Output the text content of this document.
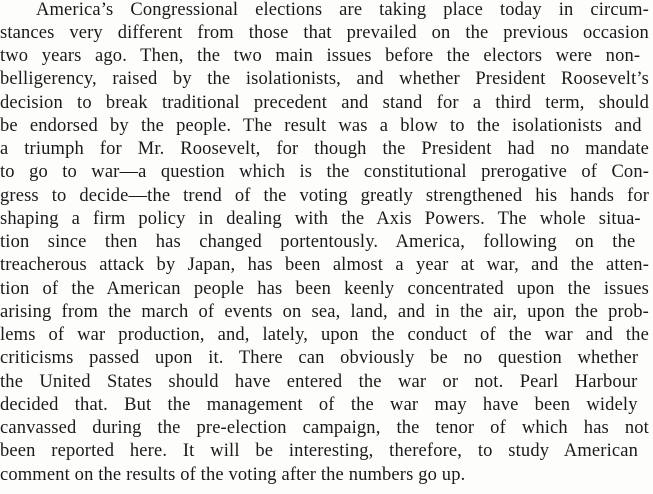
America’s Congressional elections are taking place today in circum-
stances very different from those that prevailed on the previous occasion
two years ago. Then, the two main issues before the electors were non-
belligerency, raised by the isolationists, and whether President Roosevelt’s
decision to break traditional precedent and stand for a third term, should
be endorsed by the people. The result was a blow to the isolationists and
a triumph for Mr. Roosevelt, for though the President had no mandate
to go to war—a question which is the constitutional prerogative of Con-
gress to decide—the trend of the voting greatly strengthened his hands for
shaping a firm policy in dealing with the Axis Powers. The whole situa-
tion since then has changed portentously. America, following on the
treacherous attack by Japan, has been almost a year at war, and the atten-
tion of the American people has been keenly concentrated upon the issues
arising from the march of events on sea, land, and in the air, upon the prob-
lems of war production, and, lately, upon the conduct of the war and the
criticisms passed upon it. There can obviously be no question whether
the United States should have entered the war or not. Pearl Harbour
decided that. But the management of the war may have been widely
canvassed during the pre-election campaign, the tenor of which has not
been reported here. It will be interesting, therefore, to study American
comment on the results of the voting after the numbers go up.
